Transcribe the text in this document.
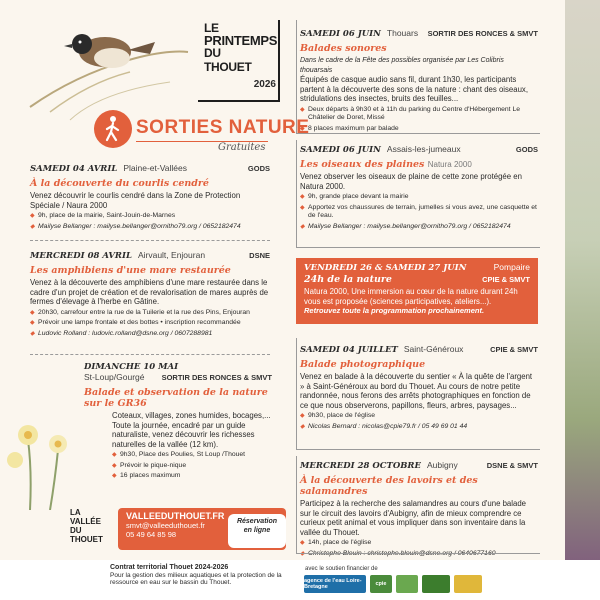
LE
PRINTEMPS
DU
THOUET
2026
SORTIES NATURE
Gratuites
SAMEDI 04 AVRIL Plaine-et-Vallées	GODS
À la découverte du courlis cendré
Venez découvrir le courlis cendré dans la Zone de Protection Spéciale / Naura 2000
◆ 9h, place de la mairie, Saint-Jouin-de-Marnes
◆ Mailyse Bellanger : mailyse.bellanger@ornitho79.org / 0652182474
MERCREDI 08 AVRIL Airvault, Enjouran	DSNE
Les amphibiens d'une mare restaurée
Venez à la découverte des amphibiens d'une mare restaurée dans le cadre d'un projet de création et de revalorisation de mares auprès de fermes d'élevage à l'herbe en Gâtine.
◆ 20h30, carrefour entre la rue de la Tuilerie et la rue des Pins, Enjouran
◆ Prévoir une lampe frontale et des bottes • inscription recommandée
◆ Ludovic Rolland : ludovic.rolland@dsne.org / 0607288981
DIMANCHE 10 MAI
St-Loup/Gourgé SORTIR DES RONCES & SMVT
Balade et observation de la nature sur le GR36
Coteaux, villages, zones humides, bocages,... Toute la journée, encadré par un guide naturaliste, venez découvrir les richesses naturelles de la vallée (12 km).
◆ 9h30, Place des Poulies, St Loup /Thouet
◆ Prévoir le pique-nique
◆ 16 places maximum
SAMEDI 06 JUIN Thouars SORTIR DES RONCES & SMVT
Balades sonores
Dans le cadre de la Fête des possibles organisée par Les Colibris thouarsais
Équipés de casque audio sans fil, durant 1h30, les participants partent à la découverte des sons de la nature : chant des oiseaux, stridulations des insectes, bruits des feuilles...
◆ Deux départs à 9h30 et à 11h du parking du Centre d'Hébergement Le Châtelier de Doret, Missé
◆ 8 places maximum par balade
SAMEDI 06 JUIN Assais-les-jumeaux	GODS
Les oiseaux des plaines Natura 2000
Venez observer les oiseaux de plaine de cette zone protégée en Natura 2000.
◆ 9h, grande place devant la mairie
◆ Apportez vos chaussures de terrain, jumelles si vous avez, une casquette et de l'eau.
◆ Mailyse Bellanger : mailyse.bellanger@ornitho79.org / 0652182474
VENDREDI 26 & SAMEDI 27 JUIN	Pompaire
24h de la nature	CPIE & SMVT
Natura 2000, Une immersion au cœur de la nature durant 24h vous est proposée (sciences participatives, ateliers...).
Retrouvez toute la programmation prochainement.
SAMEDI 04 JUILLET Saint-Généroux	CPIE & SMVT
Balade photographique
Venez en balade à la découverte du sentier « À la quête de l'argent » à Saint-Généroux au bord du Thouet. Au cours de notre petite randonnée, nous ferons des arrêts photographiques en fonction de ce que nous observerons, papillons, fleurs, arbres, paysages...
◆ 9h30, place de l'église
◆ Nicolas Bernard : nicolas@cpie79.fr / 05 49 69 01 44
MERCREDI 28 OCTOBRE Aubigny	DSNE & SMVT
À la découverte des lavoirs et des salamandres
Participez à la recherche des salamandres au cours d'une balade sur le circuit des lavoirs d'Aubigny, afin de mieux comprendre ce curieux petit animal et vous impliquer dans son inventaire dans la vallée du Thouet.
◆ 14h, place de l'église
◆ Christophe Blouin : christophe.blouin@dsne.org / 0640677160
LA
VALLÉE
DU
THOUET
VALLEEDUTHOUET.FR
smvt@valleeduthouet.fr
05 49 64 85 98
Réservation en ligne
Contrat territorial Thouet 2024-2026
Pour la gestion des milieux aquatiques et la protection de la ressource en eau sur le bassin du Thouet.
avec le soutien financier de
agence de l'eau Loire-Bretagne	cpie
